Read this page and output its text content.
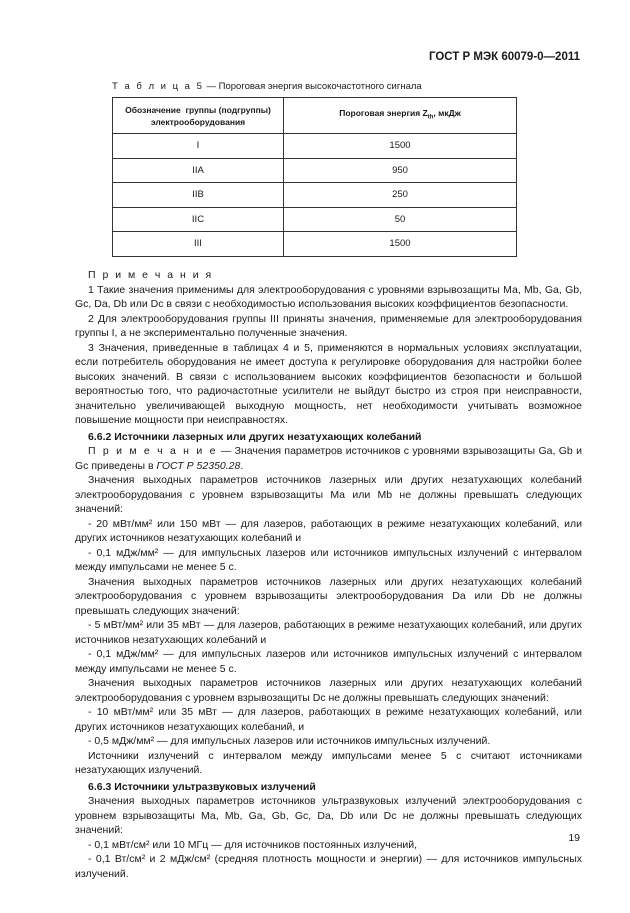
ГОСТ Р МЭК 60079-0—2011
Т а б л и ц а 5 — Пороговая энергия высокочастотного сигнала
Обозначение  группы (подгруппы)
электрооборудования	Пороговая энергия $Z_{th}$, мкДж
I	1500
IIA	950
IIB	250
IIC	50
III	1500

П р и м е ч а н и я

1 Такие значения применимы для электрооборудования с уровнями взрывозащиты Ма, Мb, Ga, Gb, Gc, Da, Db или Dc в связи с необходимостью использования высоких коэффициентов безопасности.

2 Для электрооборудования группы III приняты значения, применяемые для электрооборудования группы I, а не экспериментально полученные значения.

3 Значения, приведенные в таблицах 4 и 5, применяются в нормальных условиях эксплуатации, если потребитель оборудования не имеет доступа к регулировке оборудования для настройки более высоких значений. В связи с использованием высоких коэффициентов безопасности и большой вероятностью того, что радиочастотные усилители не выйдут быстро из строя при неисправности, значительно увеличивающей выходную мощность, нет необходимости учитывать возможное повышение мощности при неисправностях.

6.6.2 Источники лазерных или других незатухающих колебаний

П р и м е ч а н и е — Значения параметров источников с уровнями взрывозащиты Ga, Gb и Gc приведены в ГОСТ Р 52350.28.

Значения выходных параметров источников лазерных или других незатухающих колебаний электрооборудования с уровнем взрывозащиты Ма или Мb не должны превышать следующих значений:

- 20 мВт/мм² или 150 мВт — для лазеров, работающих в режиме незатухающих колебаний, или других источников незатухающих колебаний и

- 0,1 мДж/мм² — для импульсных лазеров или источников импульсных излучений с интервалом между импульсами не менее 5 с.

Значения выходных параметров источников лазерных или других незатухающих колебаний электрооборудования с уровнем взрывозащиты электрооборудования Da или Db не должны превышать следующих значений:

- 5 мВт/мм² или 35 мВт — для лазеров, работающих в режиме незатухающих колебаний, или других источников незатухающих колебаний и

- 0,1 мДж/мм² — для импульсных лазеров или источников импульсных излучений с интервалом между импульсами не менее 5 с.

Значения выходных параметров источников лазерных или других незатухающих колебаний электрооборудования с уровнем взрывозащиты Dc не должны превышать следующих значений:

- 10 мВт/мм² или 35 мВт — для лазеров, работающих в режиме незатухающих колебаний, или других источников незатухающих колебаний, и

- 0,5 мДж/мм² — для импульсных лазеров или источников импульсных излучений.

Источники излучений с интервалом между импульсами менее 5 с считают источниками незатухающих излучений.

6.6.3 Источники ультразвуковых излучений

Значения выходных параметров источников ультразвуковых излучений электрооборудования с уровнем взрывозащиты Ма, Мb, Ga, Gb, Gc, Da, Db или Dc не должны превышать следующих значений:

- 0,1 мВт/см² или 10 МГц — для источников постоянных излучений,

- 0,1 Вт/см² и 2 мДж/см² (средняя плотность мощности и энергии) — для источников импульсных излучений.

19
